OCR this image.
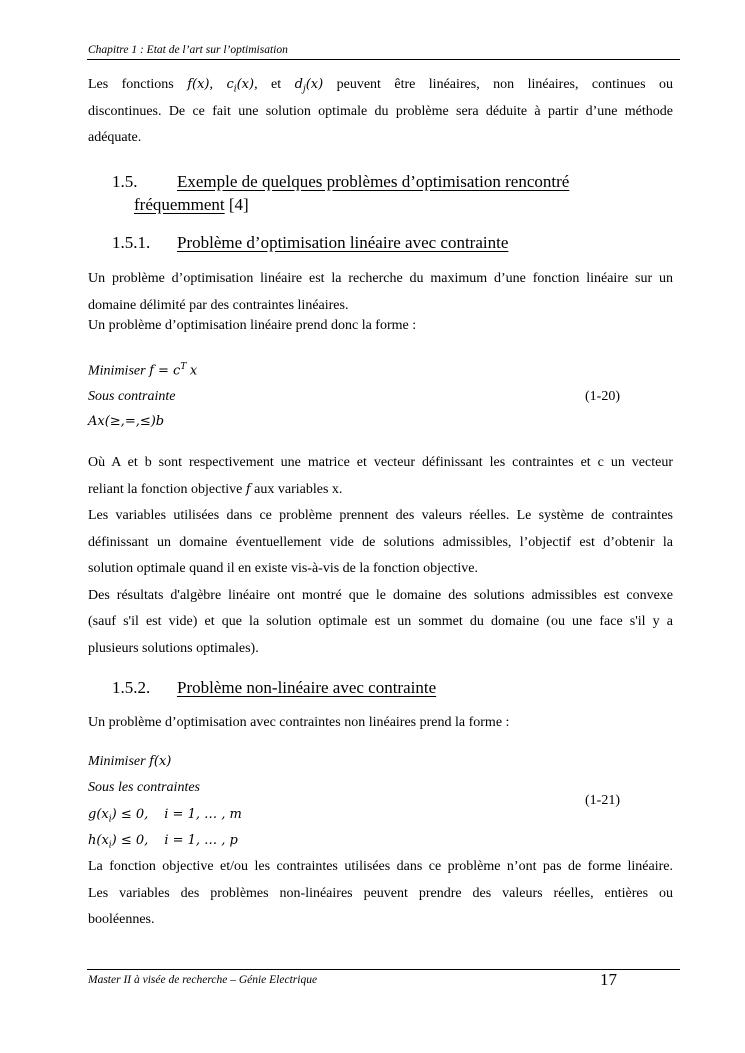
Chapitre 1 : Etat de l’art sur l’optimisation
Les fonctions f(x), $c_i(x)$, et $d_j(x)$ peuvent être linéaires, non linéaires, continues ou
discontinues. De ce fait une solution optimale du problème sera déduite à partir d’une méthode
adéquate.
1.5. Exemple de quelques problèmes d’optimisation rencontré
fréquemment [4]
1.5.1. Problème d’optimisation linéaire avec contrainte
Un problème d’optimisation linéaire est la recherche du maximum d’une fonction linéaire sur un
domaine délimité par des contraintes linéaires.
Un problème d’optimisation linéaire prend donc la forme :
Minimiser $f = c^T$ x
Sous contrainte	(1-20)
Ax(≥,=,≤)b
Où A et b sont respectivement une matrice et vecteur définissant les contraintes et c un vecteur
reliant la fonction objective f aux variables x.
Les variables utilisées dans ce problème prennent des valeurs réelles. Le système de contraintes
définissant un domaine éventuellement vide de solutions admissibles, l’objectif est d’obtenir la
solution optimale quand il en existe vis-à-vis de la fonction objective.
Des résultats d'algèbre linéaire ont montré que le domaine des solutions admissibles est convexe
(sauf s'il est vide) et que la solution optimale est un sommet du domaine (ou une face s'il y a
plusieurs solutions optimales).
1.5.2. Problème non-linéaire avec contrainte
Un problème d’optimisation avec contraintes non linéaires prend la forme :
Minimiser f(x)
Sous les contraintes
(1-21)
$g(x_i) \le 0$, i = 1, … , m
$h(x_i) \le 0$, i = 1, … , p
La fonction objective et/ou les contraintes utilisées dans ce problème n’ont pas de forme linéaire.
Les variables des problèmes non-linéaires peuvent prendre des valeurs réelles, entières ou
booléennes.
Master II à visée de recherche – Génie Electrique	17
